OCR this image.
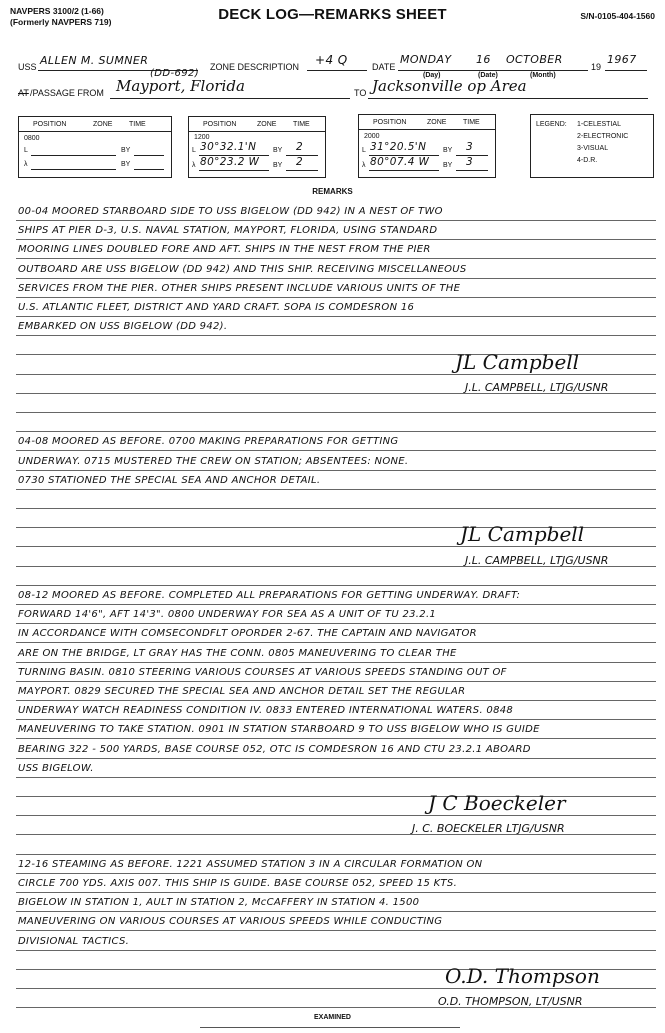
NAVPERS 3100/2 (1-66)
(Formerly NAVPERS 719)	DECK LOG—REMARKS SHEET	S/N-0105-404-1560
USS ALLEN M. SUMNER
(DD-692)
ZONE DESCRIPTION +4 Q	DATE
MONDAY 16 OCTOBER
19
1967
(Day)	(Date)	(Month)
AT /PASSAGE FROM Mayport, Florida	TO Jacksonville op Area
POSITION	ZONE TIME
0800
L	BY
λ	BY
POSITION	ZONE TIME
1200
L 30°32.1'N BY 2
λ 80°23.2 W BY 2
POSITION	ZONE TIME
2000
L 31°20.5'N BY 3
λ 80°07.4 W BY 3
LEGEND: 1-CELESTIAL
2-ELECTRONIC
3-VISUAL
4-D.R.
REMARKS
00-04 MOORED STARBOARD SIDE TO USS BIGELOW (DD 942) IN A NEST OF TWO
SHIPS AT PIER D-3, U.S. NAVAL STATION, MAYPORT, FLORIDA, USING STANDARD
MOORING LINES DOUBLED FORE AND AFT. SHIPS IN THE NEST FROM THE PIER
OUTBOARD ARE USS BIGELOW (DD 942) AND THIS SHIP. RECEIVING MISCELLANEOUS
SERVICES FROM THE PIER. OTHER SHIPS PRESENT INCLUDE VARIOUS UNITS OF THE
U.S. ATLANTIC FLEET, DISTRICT AND YARD CRAFT. SOPA IS COMDESRON 16
EMBARKED ON USS BIGELOW (DD 942).
JL Campbell
J.L. CAMPBELL, LTJG/USNR
04-08 MOORED AS BEFORE. 0700 MAKING PREPARATIONS FOR GETTING
UNDERWAY. 0715 MUSTERED THE CREW ON STATION; ABSENTEES: NONE.
0730 STATIONED THE SPECIAL SEA AND ANCHOR DETAIL.
JL Campbell
J.L. CAMPBELL, LTJG/USNR
08-12 MOORED AS BEFORE. COMPLETED ALL PREPARATIONS FOR GETTING UNDERWAY. DRAFT:
FORWARD 14'6", AFT 14'3". 0800 UNDERWAY FOR SEA AS A UNIT OF TU 23.2.1
IN ACCORDANCE WITH COMSECONDFLT OPORDER 2-67. THE CAPTAIN AND NAVIGATOR
ARE ON THE BRIDGE, LT GRAY HAS THE CONN. 0805 MANEUVERING TO CLEAR THE
TURNING BASIN. 0810 STEERING VARIOUS COURSES AT VARIOUS SPEEDS STANDING OUT OF
MAYPORT. 0829 SECURED THE SPECIAL SEA AND ANCHOR DETAIL SET THE REGULAR
UNDERWAY WATCH READINESS CONDITION IV. 0833 ENTERED INTERNATIONAL WATERS. 0848
MANEUVERING TO TAKE STATION. 0901 IN STATION STARBOARD 9 TO USS BIGELOW WHO IS GUIDE
BEARING 322 - 500 YARDS, BASE COURSE 052, OTC IS COMDESRON 16 AND CTU 23.2.1 ABOARD
USS BIGELOW.
J C Boeckeler
J. C. BOECKELER LTJG/USNR
12-16 STEAMING AS BEFORE. 1221 ASSUMED STATION 3 IN A CIRCULAR FORMATION ON
CIRCLE 700 YDS. AXIS 007. THIS SHIP IS GUIDE. BASE COURSE 052, SPEED 15 KTS.
BIGELOW IN STATION 1, AULT IN STATION 2, McCAFFERY IN STATION 4. 1500
MANEUVERING ON VARIOUS COURSES AT VARIOUS SPEEDS WHILE CONDUCTING
DIVISIONAL TACTICS.
O.D. Thompson
O.D. THOMPSON, LT/USNR
EXAMINED
